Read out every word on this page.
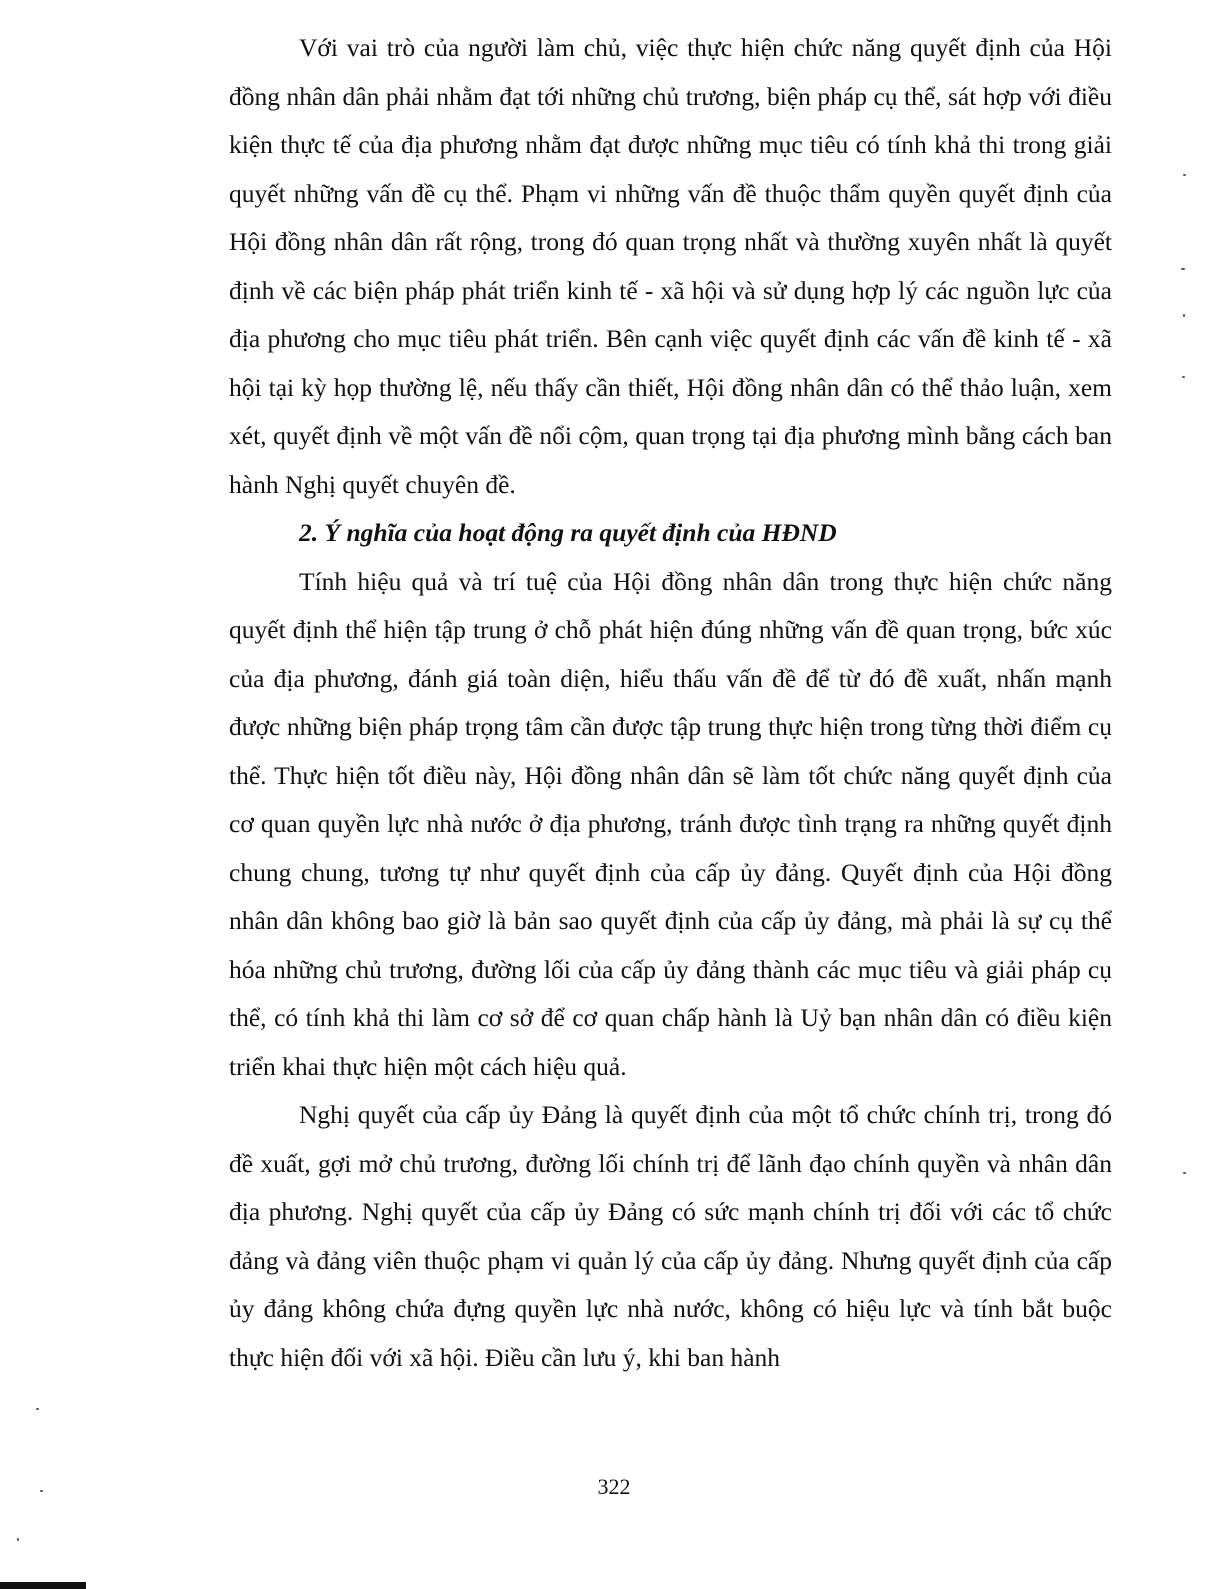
Với vai trò của người làm chủ, việc thực hiện chức năng quyết định của Hội đồng nhân dân phải nhằm đạt tới những chủ trương, biện pháp cụ thể, sát hợp với điều kiện thực tế của địa phương nhằm đạt được những mục tiêu có tính khả thi trong giải quyết những vấn đề cụ thể. Phạm vi những vấn đề thuộc thẩm quyền quyết định của Hội đồng nhân dân rất rộng, trong đó quan trọng nhất và thường xuyên nhất là quyết định về các biện pháp phát triển kinh tế - xã hội và sử dụng hợp lý các nguồn lực của địa phương cho mục tiêu phát triển. Bên cạnh việc quyết định các vấn đề kinh tế - xã hội tại kỳ họp thường lệ, nếu thấy cần thiết, Hội đồng nhân dân có thể thảo luận, xem xét, quyết định về một vấn đề nổi cộm, quan trọng tại địa phương mình bằng cách ban hành Nghị quyết chuyên đề.

2. Ý nghĩa của hoạt động ra quyết định của HĐND

Tính hiệu quả và trí tuệ của Hội đồng nhân dân trong thực hiện chức năng quyết định thể hiện tập trung ở chỗ phát hiện đúng những vấn đề quan trọng, bức xúc của địa phương, đánh giá toàn diện, hiểu thấu vấn đề để từ đó đề xuất, nhấn mạnh được những biện pháp trọng tâm cần được tập trung thực hiện trong từng thời điểm cụ thể. Thực hiện tốt điều này, Hội đồng nhân dân sẽ làm tốt chức năng quyết định của cơ quan quyền lực nhà nước ở địa phương, tránh được tình trạng ra những quyết định chung chung, tương tự như quyết định của cấp ủy đảng. Quyết định của Hội đồng nhân dân không bao giờ là bản sao quyết định của cấp ủy đảng, mà phải là sự cụ thể hóa những chủ trương, đường lối của cấp ủy đảng thành các mục tiêu và giải pháp cụ thể, có tính khả thi làm cơ sở để cơ quan chấp hành là Uỷ bạn nhân dân có điều kiện triển khai thực hiện một cách hiệu quả.

Nghị quyết của cấp ủy Đảng là quyết định của một tổ chức chính trị, trong đó đề xuất, gợi mở chủ trương, đường lối chính trị để lãnh đạo chính quyền và nhân dân địa phương. Nghị quyết của cấp ủy Đảng có sức mạnh chính trị đối với các tổ chức đảng và đảng viên thuộc phạm vi quản lý của cấp ủy đảng. Nhưng quyết định của cấp ủy đảng không chứa đựng quyền lực nhà nước, không có hiệu lực và tính bắt buộc thực hiện đối với xã hội. Điều cần lưu ý, khi ban hành

322
